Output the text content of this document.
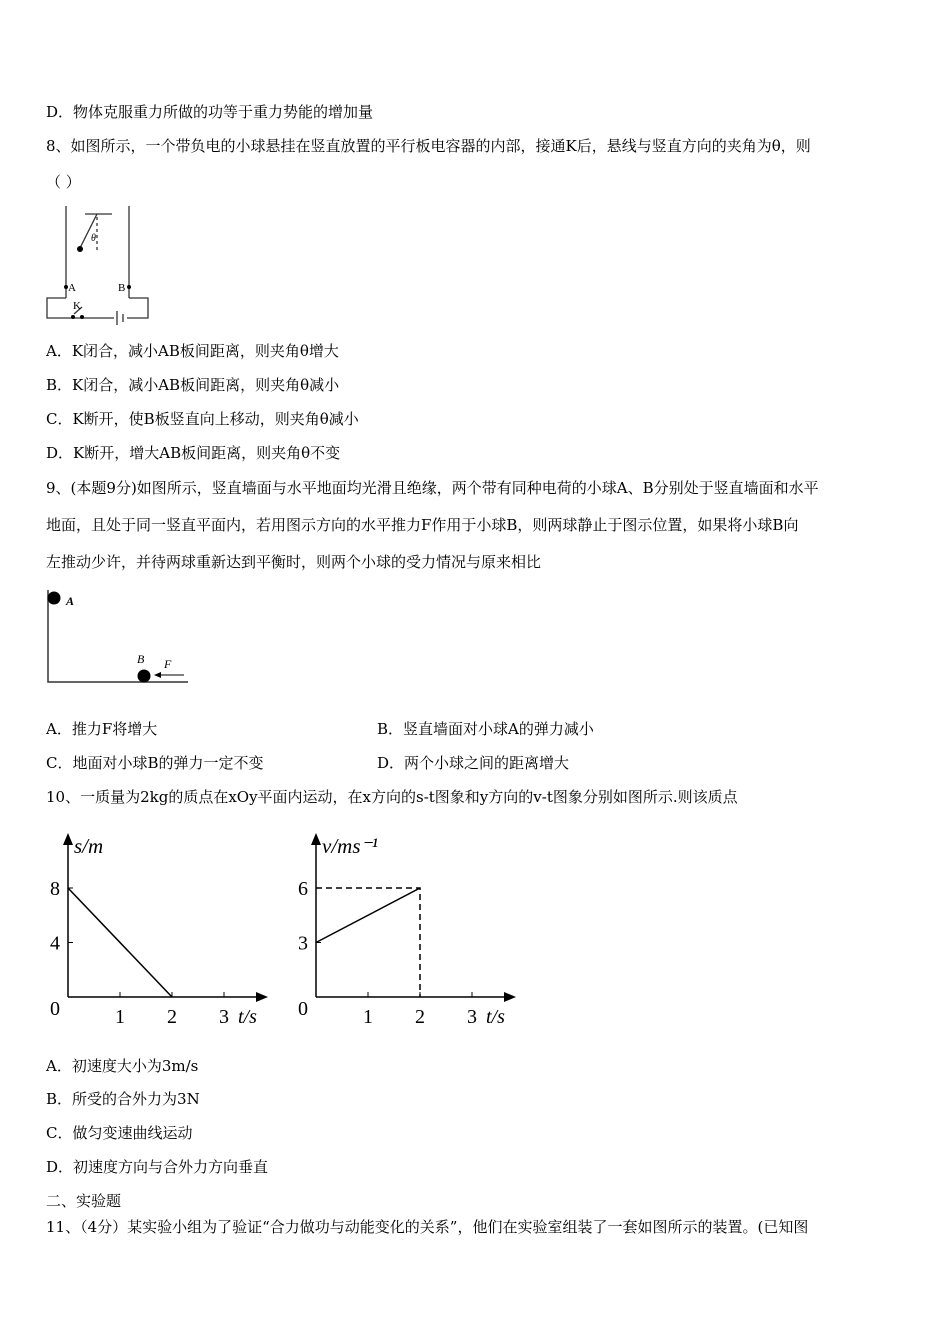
D．物体克服重力所做的功等于重力势能的增加量
8、如图所示，一个带负电的小球悬挂在竖直放置的平行板电容器的内部，接通K后，悬线与竖直方向的夹角为θ，则
（ ）
A	B
K
θ
A．K闭合，减小AB板间距离，则夹角θ增大
B．K闭合，减小AB板间距离，则夹角θ减小
C．K断开，使B板竖直向上移动，则夹角θ减小
D．K断开，增大AB板间距离，则夹角θ不变
9、(本题9分)如图所示，竖直墙面与水平地面均光滑且绝缘，两个带有同种电荷的小球A、B分别处于竖直墙面和水平
地面，且处于同一竖直平面内，若用图示方向的水平推力F作用于小球B，则两球静止于图示位置，如果将小球B向
左推动少许，并待两球重新达到平衡时，则两个小球的受力情况与原来相比
A
B F
A．推力F将增大	B．竖直墙面对小球A的弹力减小
C．地面对小球B的弹力一定不变	D．两个小球之间的距离增大
10、一质量为2kg的质点在xOy平面内运动，在x方向的s-t图象和y方向的v-t图象分别如图所示.则该质点
1 2 3
4
8
0
s/m
t/s	1 2 3
3
6
0
v/ms⁻¹
t/s
A．初速度大小为3m/s
B．所受的合外力为3N
C．做匀变速曲线运动
D．初速度方向与合外力方向垂直
二、实验题
11、（4分）某实验小组为了验证“合力做功与动能变化的关系”，他们在实验室组装了一套如图所示的装置。(已知图
